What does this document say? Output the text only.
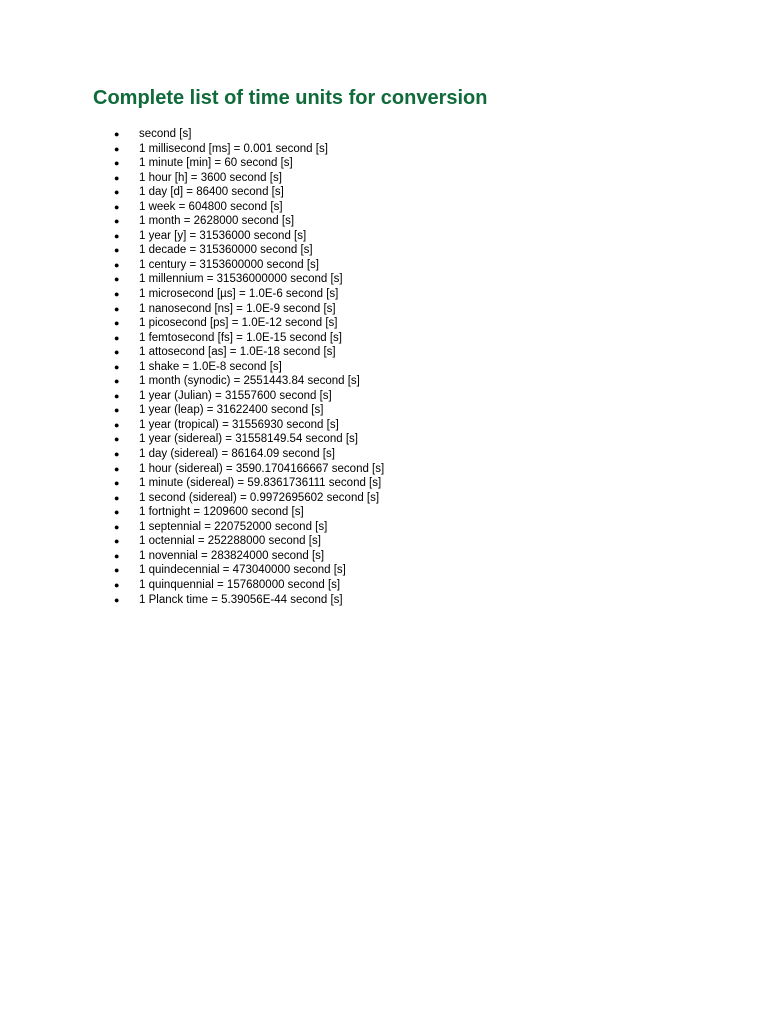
Complete list of time units for conversion
● second [s]
● 1 millisecond [ms] = 0.001 second [s]
● 1 minute [min] = 60 second [s]
● 1 hour [h] = 3600 second [s]
● 1 day [d] = 86400 second [s]
● 1 week = 604800 second [s]
● 1 month = 2628000 second [s]
● 1 year [y] = 31536000 second [s]
● 1 decade = 315360000 second [s]
● 1 century = 3153600000 second [s]
● 1 millennium = 31536000000 second [s]
● 1 microsecond [µs] = 1.0E-6 second [s]
● 1 nanosecond [ns] = 1.0E-9 second [s]
● 1 picosecond [ps] = 1.0E-12 second [s]
● 1 femtosecond [fs] = 1.0E-15 second [s]
● 1 attosecond [as] = 1.0E-18 second [s]
● 1 shake = 1.0E-8 second [s]
● 1 month (synodic) = 2551443.84 second [s]
● 1 year (Julian) = 31557600 second [s]
● 1 year (leap) = 31622400 second [s]
● 1 year (tropical) = 31556930 second [s]
● 1 year (sidereal) = 31558149.54 second [s]
● 1 day (sidereal) = 86164.09 second [s]
● 1 hour (sidereal) = 3590.1704166667 second [s]
● 1 minute (sidereal) = 59.8361736111 second [s]
● 1 second (sidereal) = 0.9972695602 second [s]
● 1 fortnight = 1209600 second [s]
● 1 septennial = 220752000 second [s]
● 1 octennial = 252288000 second [s]
● 1 novennial = 283824000 second [s]
● 1 quindecennial = 473040000 second [s]
● 1 quinquennial = 157680000 second [s]
● 1 Planck time = 5.39056E-44 second [s]
